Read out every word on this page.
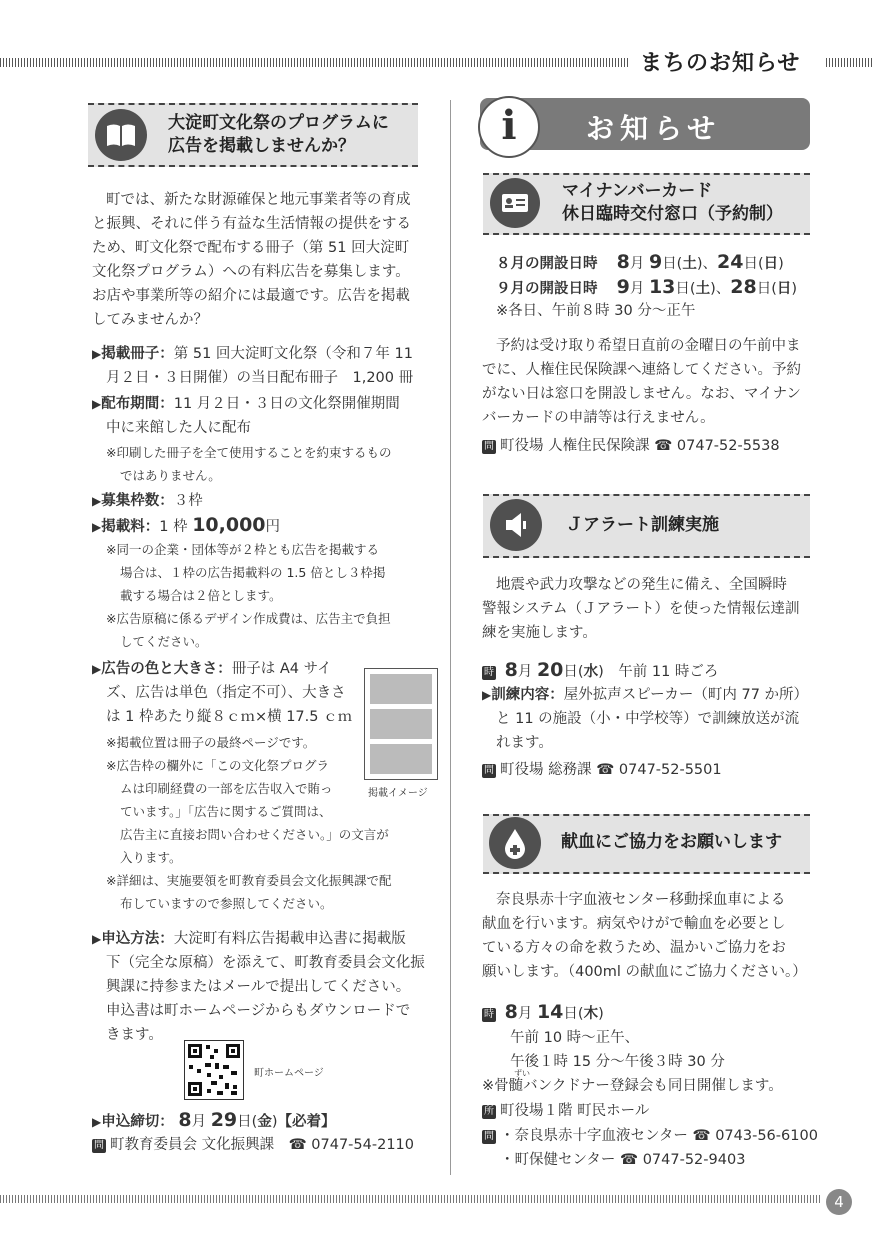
まちのお知らせ
大淀町文化祭のプログラムに
広告を掲載しませんか？
町では、新たな財源確保と地元事業者等の育成
と振興、それに伴う有益な生活情報の提供をする
ため、町文化祭で配布する冊子（第 51 回大淀町
文化祭プログラム）への有料広告を募集します。
お店や事業所等の紹介には最適です。広告を掲載
してみませんか？
▶掲載冊子：第 51 回大淀町文化祭（令和７年 11
月２日・３日開催）の当日配布冊子　1,200 冊
▶配布期間：11 月２日・３日の文化祭開催期間
中に来館した人に配布
※印刷した冊子を全て使用することを約束するもの
ではありません。
▶募集枠数：３枠
▶掲載料：1 枠 10,000円
※同一の企業・団体等が２枠とも広告を掲載する
場合は、１枠の広告掲載料の 1.5 倍とし３枠掲
載する場合は２倍とします。
※広告原稿に係るデザイン作成費は、広告主で負担
してください。
▶広告の色と大きさ：冊子は A4 サイ
ズ、広告は単色（指定不可）、大きさ
は 1 枠あたり縦８ｃｍ×横 17.5 ｃｍ
※掲載位置は冊子の最終ページです。
※広告枠の欄外に「この文化祭プログラ
ムは印刷経費の一部を広告収入で賄っ
ています。」「広告に関するご質問は、
広告主に直接お問い合わせください。」の文言が
入ります。
※詳細は、実施要領を町教育委員会文化振興課で配
布していますので参照してください。
掲載イメージ
▶申込方法：大淀町有料広告掲載申込書に掲載版
下（完全な原稿）を添えて、町教育委員会文化振
興課に持参またはメールで提出してください。
申込書は町ホームページからもダウンロードで
きます。
町ホームページ
▶申込締切： 8月 29日(金)【必着】
問 町教育委員会 文化振興課　 ☎ 0747-54-2110
i	お知らせ
マイナンバーカード
休日臨時交付窓口（予約制）
８月の開設日時　 8月 9日(土)、24日(日)
９月の開設日時　 9月 13日(土)、28日(日)
※各日、午前８時 30 分～正午
予約は受け取り希望日直前の金曜日の午前中ま
でに、人権住民保険課へ連絡してください。予約
がない日は窓口を開設しません。なお、マイナン
バーカードの申請等は行えません。
問 町役場 人権住民保険課 ☎ 0747-52-5538
Ｊアラート訓練実施
地震や武力攻撃などの発生に備え、全国瞬時
警報システム（Ｊアラート）を使った情報伝達訓
練を実施します。
時 8月 20日(水)　午前 11 時ごろ
▶訓練内容：屋外拡声スピーカー（町内 77 か所）
と 11 の施設（小・中学校等）で訓練放送が流
れます。
問 町役場 総務課 ☎ 0747-52-5501
献血にご協力をお願いします
奈良県赤十字血液センター移動採血車による
献血を行います。病気やけがで輸血を必要とし
ている方々の命を救うため、温かいご協力をお
願いします。（400ml の献血にご協力ください。）
時 8月 14日(木)
午前 10 時～正午、
午後１時 15 分～午後３時 30 分
ずい
※骨髄バンクドナー登録会も同日開催します。
所 町役場１階 町民ホール
問 ・奈良県赤十字血液センター ☎ 0743-56-6100
・町保健センター ☎ 0747-52-9403
4
